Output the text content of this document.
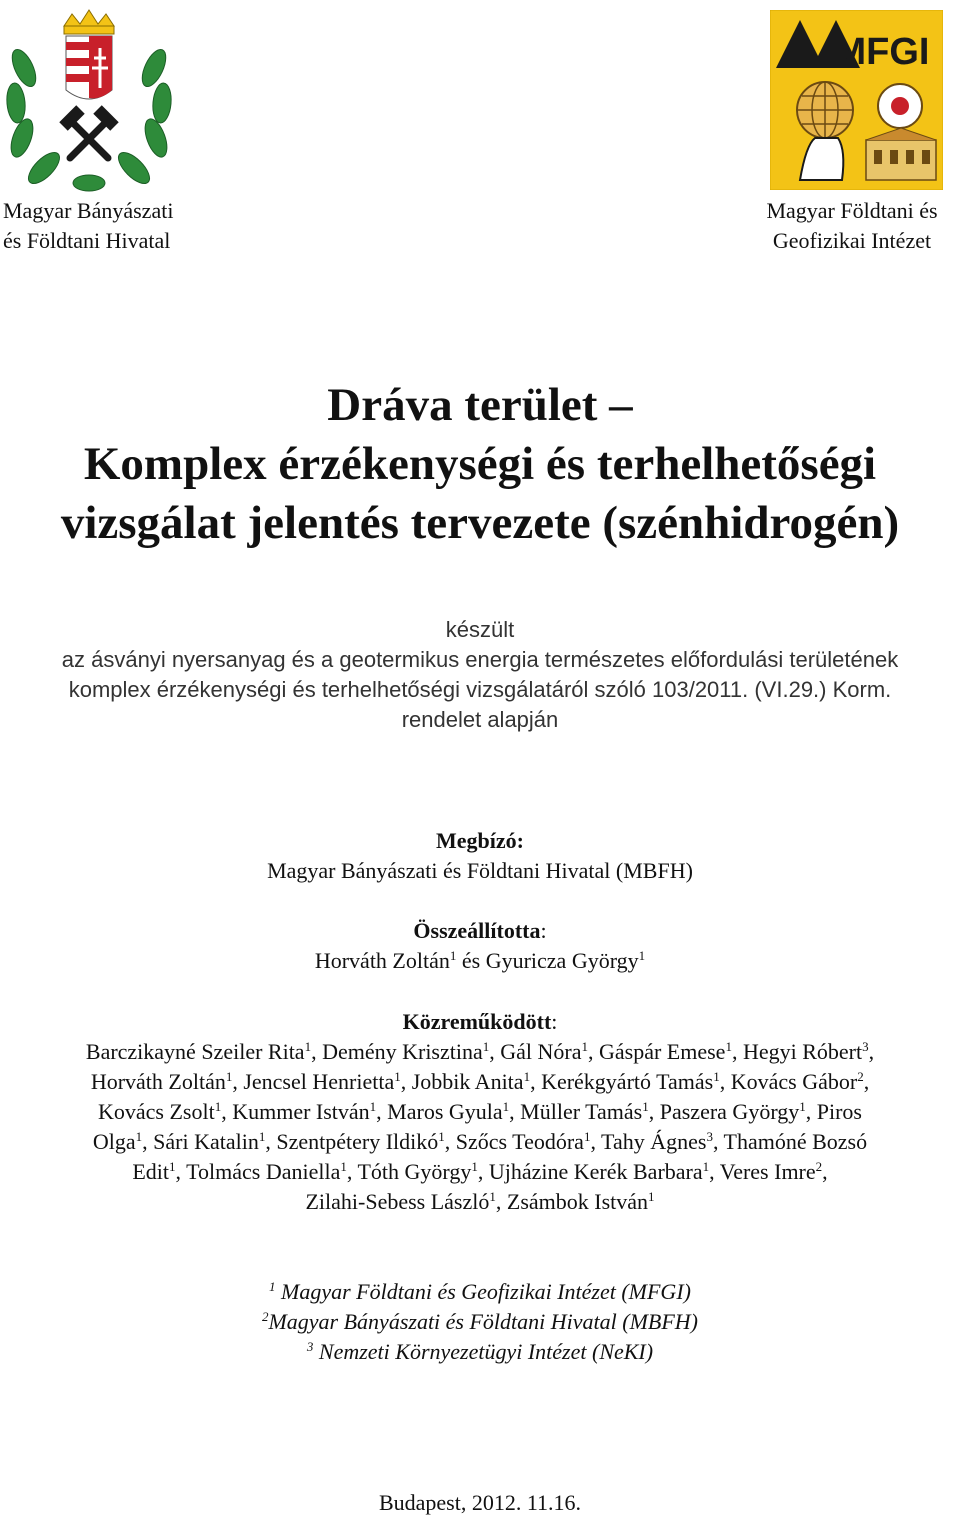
MFGI
Magyar Bányászati
és Földtani Hivatal
Magyar Földtani és
Geofizikai Intézet
Dráva terület –
Komplex érzékenységi és terhelhetőségi
vizsgálat jelentés tervezete (szénhidrogén)
készült
az ásványi nyersanyag és a geotermikus energia természetes előfordulási területének
komplex érzékenységi és terhelhetőségi vizsgálatáról szóló 103/2011. (VI.29.) Korm.
rendelet alapján
Megbízó:
Magyar Bányászati és Földtani Hivatal (MBFH)
Összeállította:
Horváth Zoltán$^1$ és Gyuricza György$^1$
Közreműködött:
Barczikayné Szeiler Rita$^1$, Demény Krisztina$^1$, Gál Nóra$^1$, Gáspár Emese$^1$, Hegyi Róbert$^3$,
Horváth Zoltán$^1$, Jencsel Henrietta$^1$, Jobbik Anita$^1$, Kerékgyártó Tamás$^1$, Kovács Gábor$^2$,
Kovács Zsolt$^1$, Kummer István$^1$, Maros Gyula$^1$, Müller Tamás$^1$, Paszera György$^1$, Piros
Olga$^1$, Sári Katalin$^1$, Szentpétery Ildikó$^1$, Szőcs Teodóra$^1$, Tahy Ágnes$^3$, Thamóné Bozsó
Edit$^1$, Tolmács Daniella$^1$, Tóth György$^1$, Ujházine Kerék Barbara$^1$, Veres Imre$^2$,
Zilahi-Sebess László$^1$, Zsámbok István$^1$
$^1$ Magyar Földtani és Geofizikai Intézet (MFGI)
$^2$Magyar Bányászati és Földtani Hivatal (MBFH)
$^3$ Nemzeti Környezetügyi Intézet (NeKI)
Budapest, 2012. 11.16.
